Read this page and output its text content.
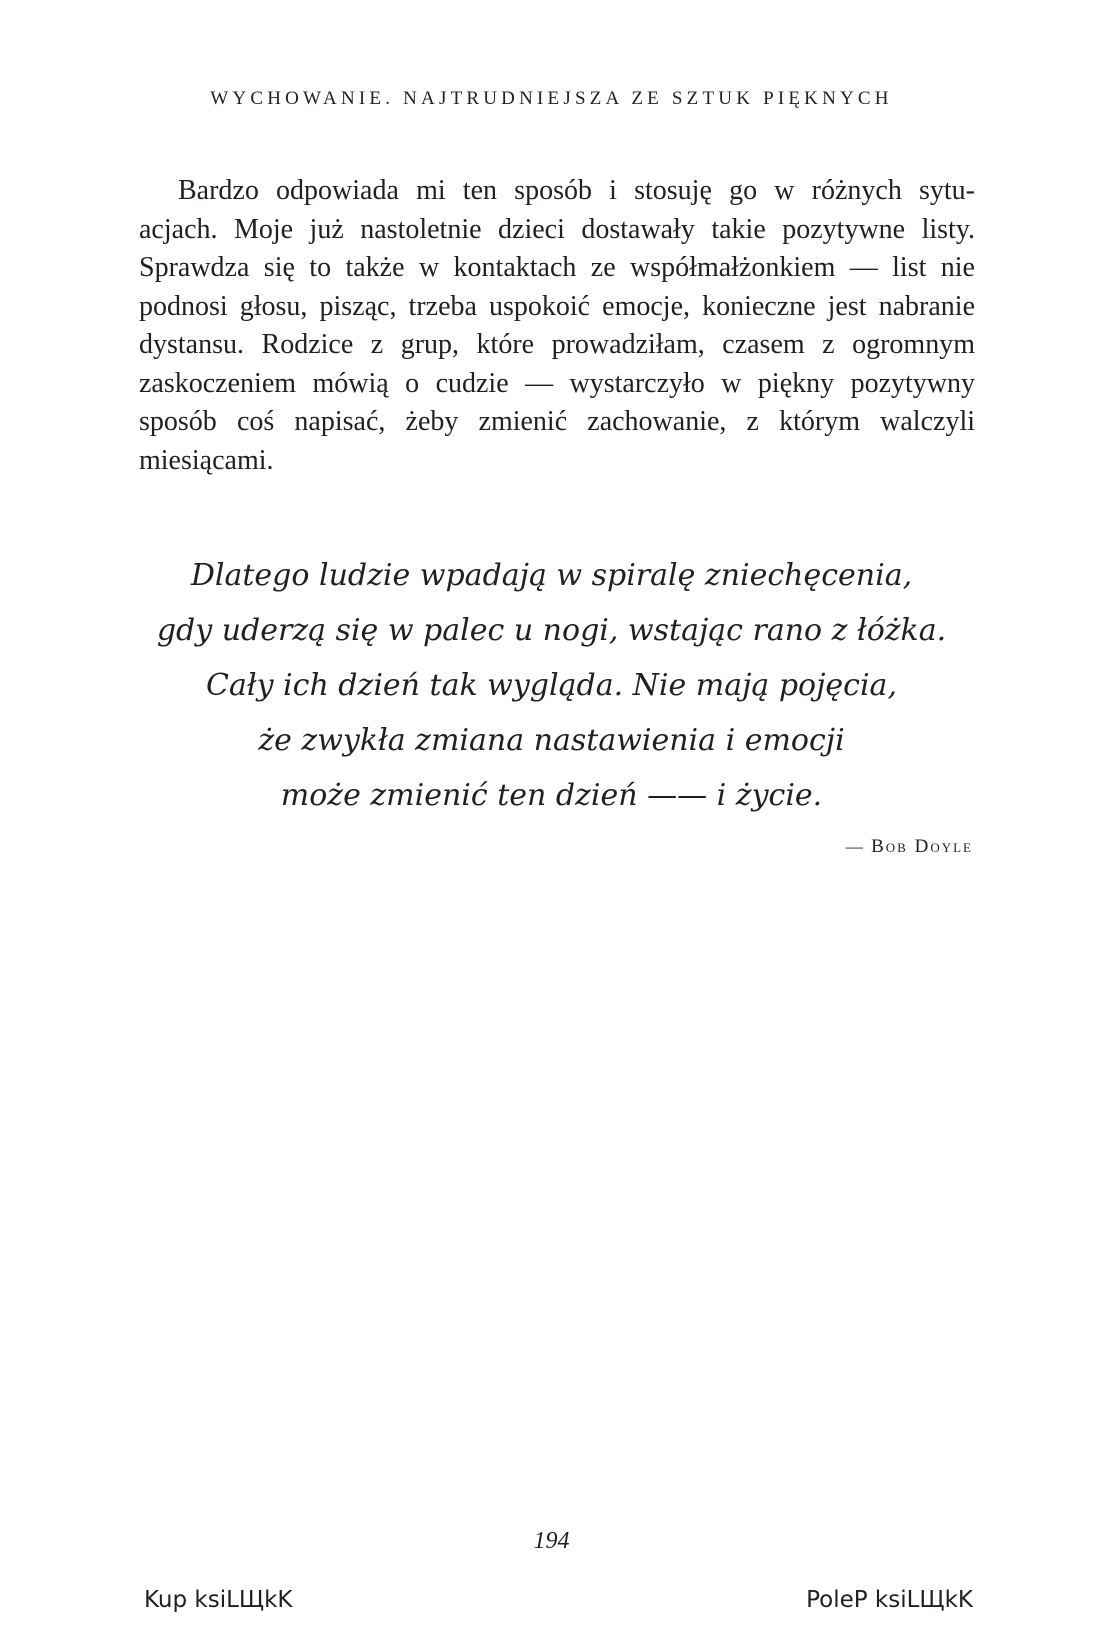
WYCHOWANIE. NAJTRUDNIEJSZA ZE SZTUK PIĘKNYCH
Bardzo odpowiada mi ten sposób i stosuję go w różnych sytu-
acjach. Moje już nastoletnie dzieci dostawały takie pozytywne listy.
Sprawdza się to także w kontaktach ze współmałżonkiem — list nie
podnosi głosu, pisząc, trzeba uspokoić emocje, konieczne jest nabranie
dystansu. Rodzice z grup, które prowadziłam, czasem z ogromnym
zaskoczeniem mówią o cudzie –– wystarczyło w piękny pozytywny
sposób coś napisać, żeby zmienić zachowanie, z którym walczyli
miesiącami.
Dlatego ludzie wpadają w spiralę zniechęcenia,
gdy uderzą się w palec u nogi, wstając rano z łóżka.
Cały ich dzień tak wygląda. Nie mają pojęcia,
że zwykła zmiana nastawienia i emocji
może zmienić ten dzień —— i życie.
— Bob Doyle
194
Kup ksiLЩkK	PoleP ksiLЩkK
